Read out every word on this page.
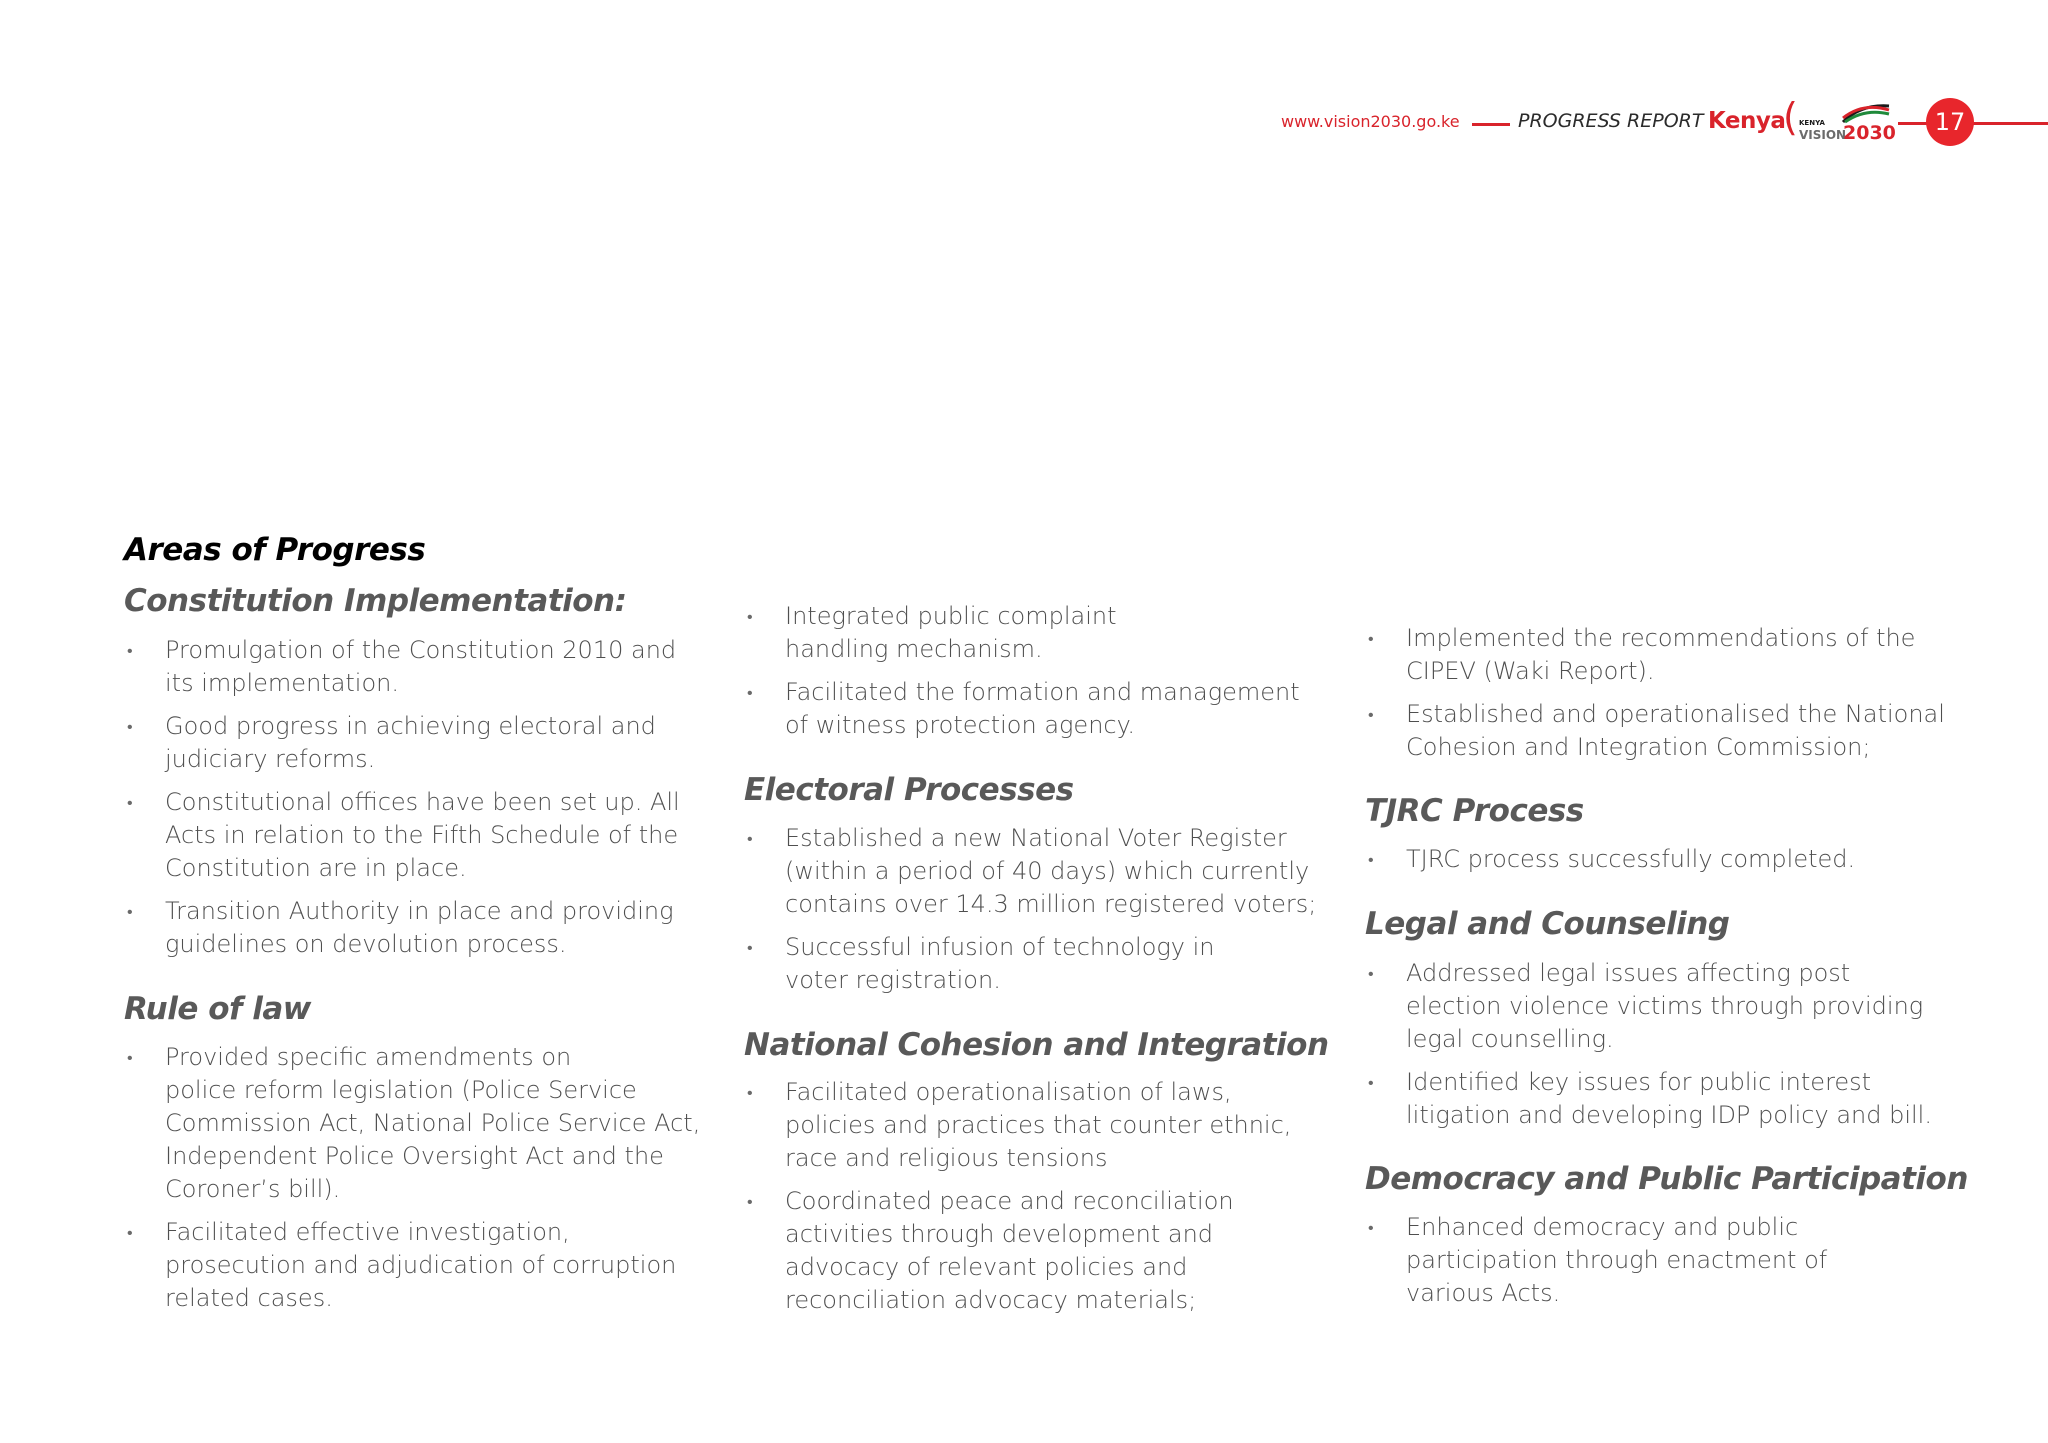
www.vision2030.go.ke	PROGRESS REPORT Kenya
( KENYA
VISION
2030	17
Areas of Progress
Constitution Implementation:
• Promulgation of the Constitution 2010 and
its implementation.
• Good progress in achieving electoral and
judiciary reforms.
• Constitutional offices have been set up. All
Acts in relation to the Fifth Schedule of the
Constitution are in place.
• Transition Authority in place and providing
guidelines on devolution process.
Rule of law
• Provided specific amendments on
police reform legislation (Police Service
Commission Act, National Police Service Act,
Independent Police Oversight Act and the
Coroner’s bill).
• Facilitated effective investigation,
prosecution and adjudication of corruption
related cases.
• Integrated public complaint
handling mechanism.
• Facilitated the formation and management
of witness protection agency.
Electoral Processes
• Established a new National Voter Register
(within a period of 40 days) which currently
contains over 14.3 million registered voters;
• Successful infusion of technology in
voter registration.
National Cohesion and Integration
• Facilitated operationalisation of laws,
policies and practices that counter ethnic,
race and religious tensions
• Coordinated peace and reconciliation
activities through development and
advocacy of relevant policies and
reconciliation advocacy materials;
• Implemented the recommendations of the
CIPEV (Waki Report).
• Established and operationalised the National
Cohesion and Integration Commission;
TJRC Process
• TJRC process successfully completed.
Legal and Counseling
• Addressed legal issues affecting post
election violence victims through providing
legal counselling.
• Identified key issues for public interest
litigation and developing IDP policy and bill.
Democracy and Public Participation
• Enhanced democracy and public
participation through enactment of
various Acts.
